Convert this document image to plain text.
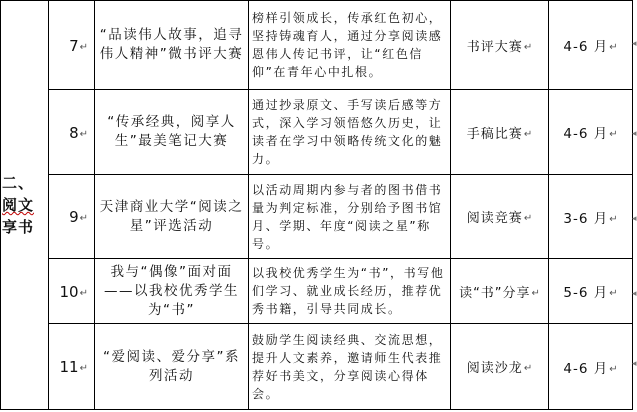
二、
阅文
享书	7↵	“品读伟人故事，追寻伟人精神”微书评大赛	榜样引领成长，传承红色初心，坚持铸魂育人，通过分享阅读感恩伟人传记书评，让“红色信仰”在青年心中扎根。	书评大赛↵	4-6 月↵
	8↵	“传承经典，阅享人生”最美笔记大赛	通过抄录原文、手写读后感等方式，深入学习领悟悠久历史，让读者在学习中领略传统文化的魅力。	手稿比赛↵	4-6 月↵
	9↵	天津商业大学“阅读之星”评选活动	以活动周期内参与者的图书借书量为判定标准，分别给予图书馆月、学期、年度“阅读之星”称号。	阅读竞赛↵	3-6 月↵
	10↵	我与“偶像”面对面——以我校优秀学生为“书”	以我校优秀学生为“书”，书写他们学习、就业成长经历，推荐优秀书籍，引导共同成长。	读“书”分享↵	5-6 月↵
	11↵	“爱阅读、爱分享”系列活动	鼓励学生阅读经典、交流思想，提升人文素养，邀请师生代表推荐好书美文，分享阅读心得体会。	阅读沙龙↵	4-6 月↵
◂
◂
◂
◂
◂
